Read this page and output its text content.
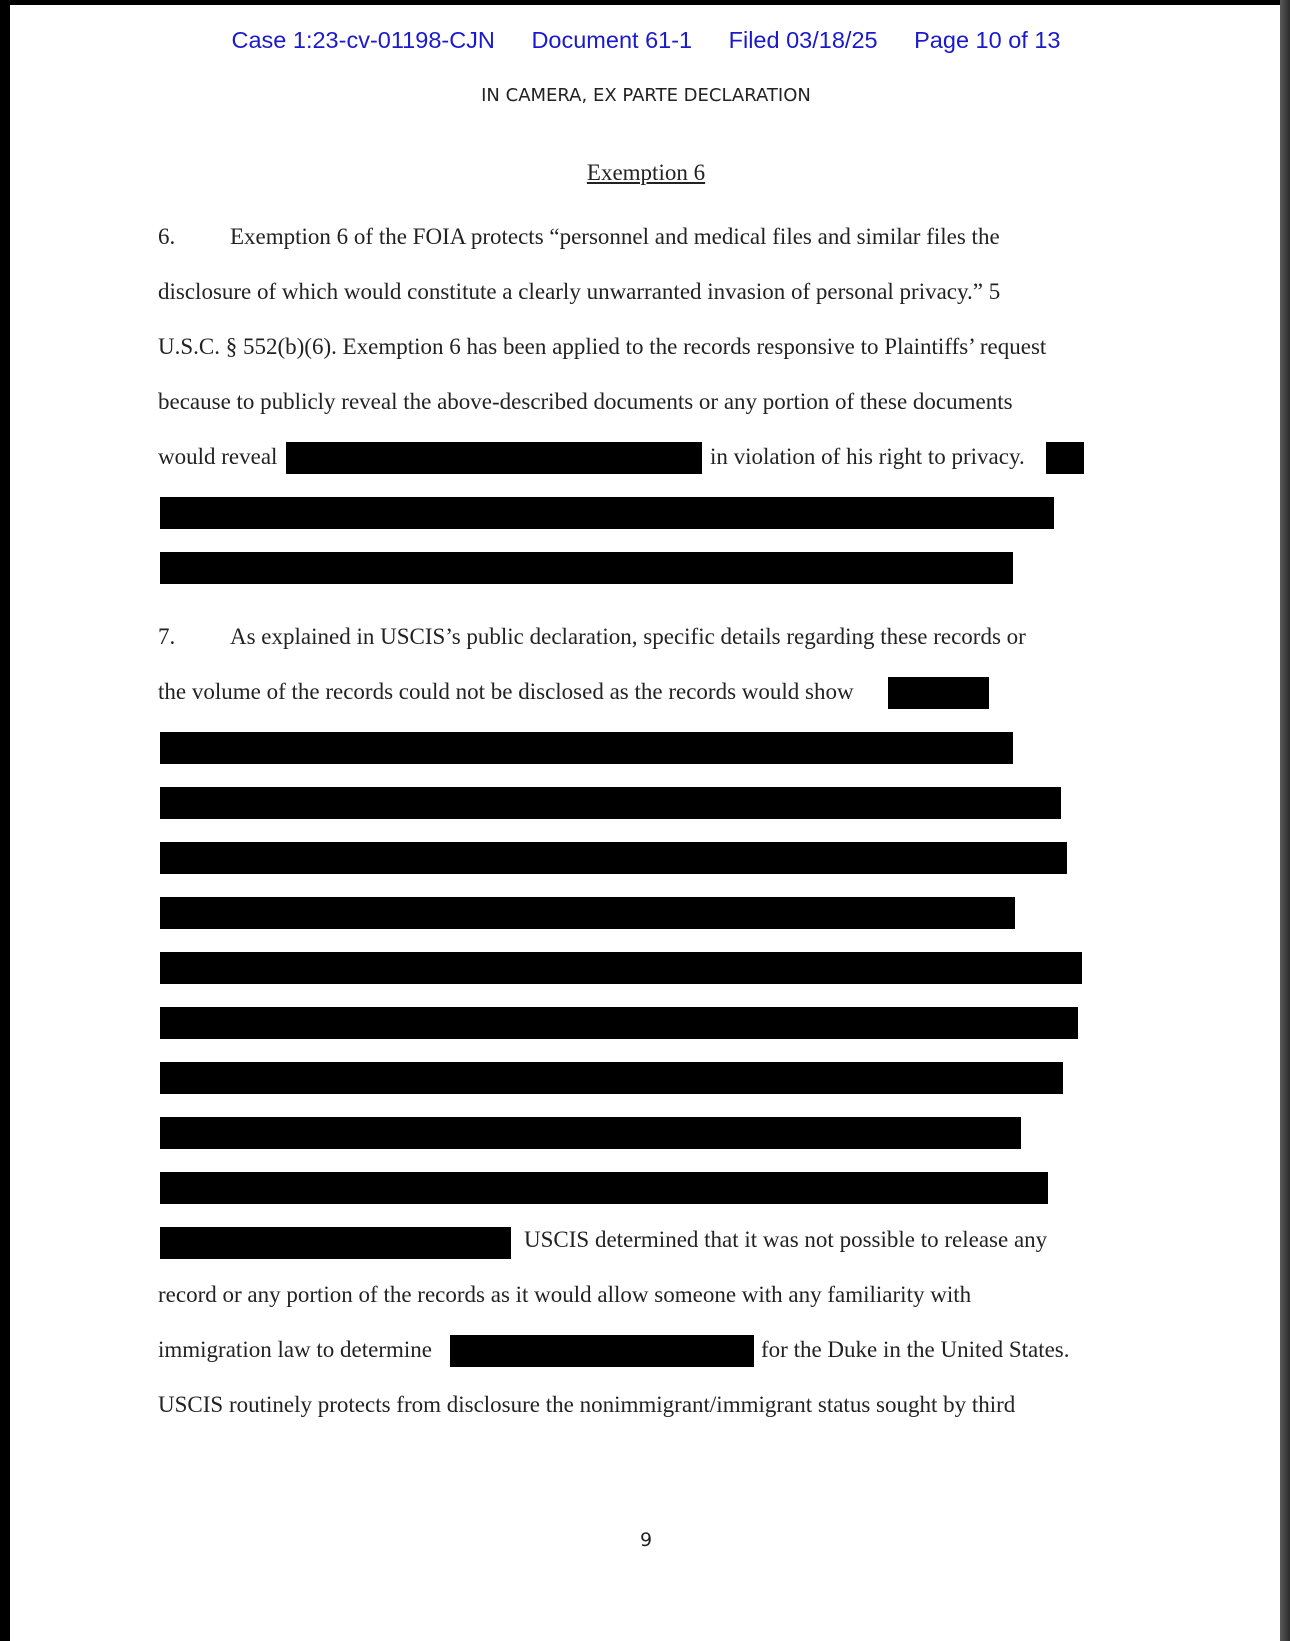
Case 1:23-cv-01198-CJN Document 61-1 Filed 03/18/25 Page 10 of 13
IN CAMERA, EX PARTE DECLARATION
Exemption 6
6. Exemption 6 of the FOIA protects “personnel and medical files and similar files the
disclosure of which would constitute a clearly unwarranted invasion of personal privacy.” 5
U.S.C. § 552(b)(6). Exemption 6 has been applied to the records responsive to Plaintiffs’ request
because to publicly reveal the above-described documents or any portion of these documents
would reveal	in violation of his right to privacy.
7. As explained in USCIS’s public declaration, specific details regarding these records or
the volume of the records could not be disclosed as the records would show
USCIS determined that it was not possible to release any
record or any portion of the records as it would allow someone with any familiarity with
immigration law to determine	for the Duke in the United States.
USCIS routinely protects from disclosure the nonimmigrant/immigrant status sought by third
9
